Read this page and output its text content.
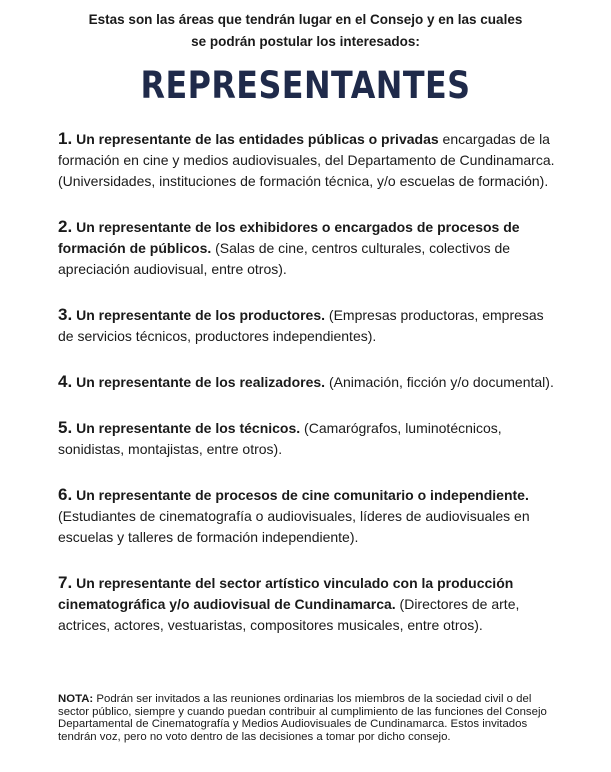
Estas son las áreas que tendrán lugar en el Consejo y en las cuales
se podrán postular los interesados:
REPRESENTANTES

1. Un representante de las entidades públicas o privadas encargadas de la formación en cine y medios audiovisuales, del Departamento de Cundinamarca. (Universidades, instituciones de formación técnica, y/o escuelas de formación).

2. Un representante de los exhibidores o encargados de procesos de formación de públicos. (Salas de cine, centros culturales, colectivos de apreciación audiovisual, entre otros).

3. Un representante de los productores. (Empresas productoras, empresas de servicios técnicos, productores independientes).

4. Un representante de los realizadores. (Animación, ficción y/o documental).

5. Un representante de los técnicos. (Camarógrafos, luminotécnicos, sonidistas, montajistas, entre otros).

6. Un representante de procesos de cine comunitario o independiente. (Estudiantes de cinematografía o audiovisuales, líderes de audiovisuales en escuelas y talleres de formación independiente).

7. Un representante del sector artístico vinculado con la producción cinematográfica y/o audiovisual de Cundinamarca. (Directores de arte, actrices, actores, vestuaristas, compositores musicales, entre otros).

NOTA: Podrán ser invitados a las reuniones ordinarias los miembros de la sociedad civil o del sector público, siempre y cuando puedan contribuir al cumplimiento de las funciones del Consejo Departamental de Cinematografía y Medios Audiovisuales de Cundinamarca. Estos invitados tendrán voz, pero no voto dentro de las decisiones a tomar por dicho consejo.
